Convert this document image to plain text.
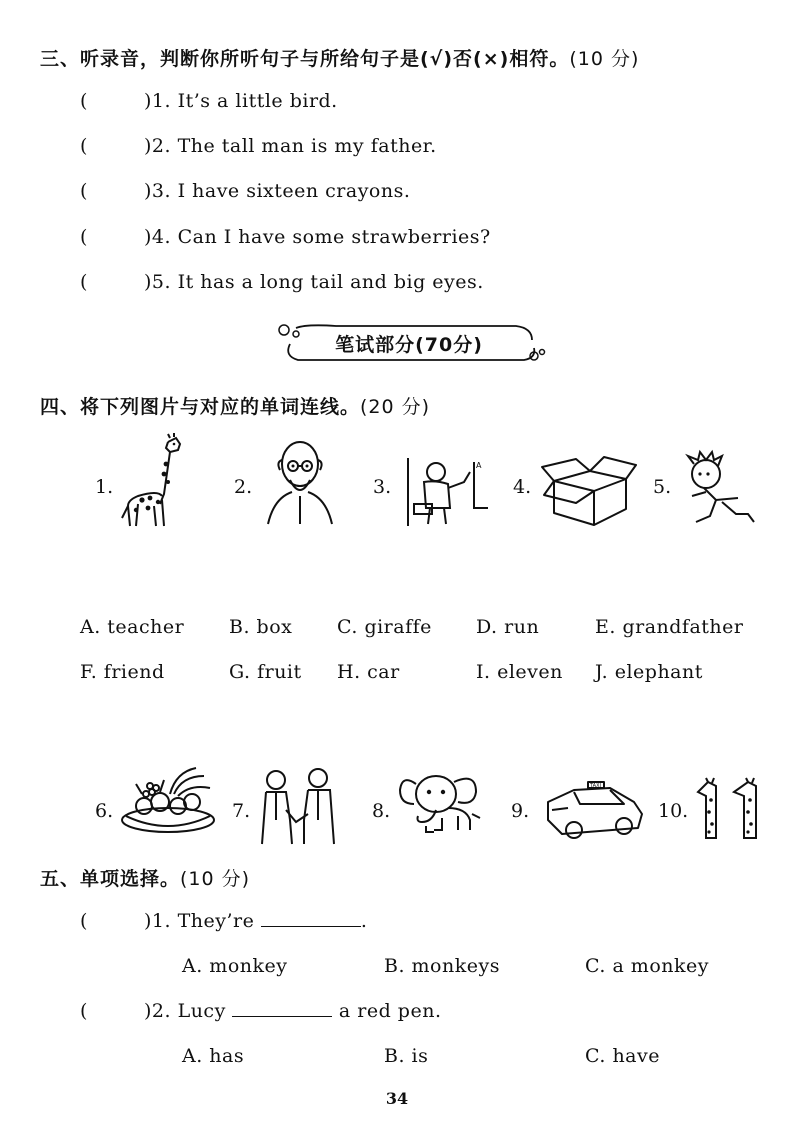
三、听录音，判断你所听句子与所给句子是(√)否(×)相符。(10 分)
(	)1. It’s a little bird.
(	)2. The tall man is my father.
(	)3. I have sixteen crayons.
(	)4. Can I have some strawberries?
(	)5. It has a long tail and big eyes.
笔试部分(70分)
四、将下列图片与对应的单词连线。(20 分)
1.	2.	3.	4.	5.
A
A. teacher B. box C. giraffe D. run	E. grandfather
F. friend	G. fruit H. car	I. eleven J. elephant
6.	7.	8.	9.	10.
TAXI
五、单项选择。(10 分)
(	)1. They’re	.
A. monkey	B. monkeys	C. a monkey
(	)2. Lucy	a red pen.
A. has	B. is	C. have
34
